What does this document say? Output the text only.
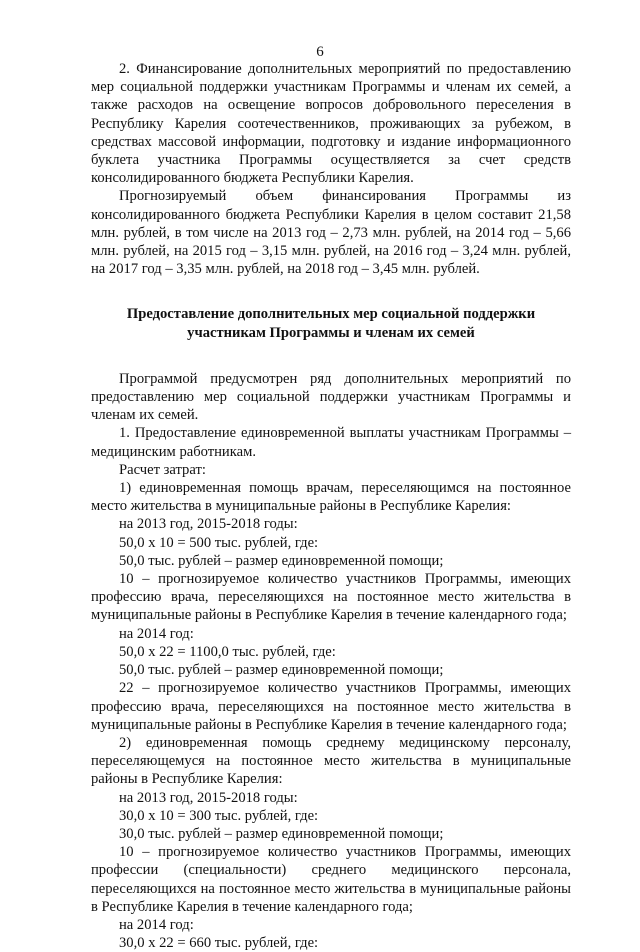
6

2. Финансирование дополнительных мероприятий по предоставлению мер социальной поддержки участникам Программы и членам их семей, а также расходов на освещение вопросов добровольного переселения в Республику Карелия соотечественников, проживающих за рубежом, в средствах массовой информации, подготовку и издание информационного буклета участника Программы осуществляется за счет средств консолидированного бюджета Республики Карелия.

Прогнозируемый объем финансирования Программы из консолидированного бюджета Республики Карелия в целом составит 21,58 млн. рублей, в том числе на 2013 год – 2,73 млн. рублей, на 2014 год – 5,66 млн. рублей, на 2015 год – 3,15 млн. рублей, на 2016 год – 3,24 млн. рублей, на 2017 год – 3,35 млн. рублей, на 2018 год – 3,45 млн. рублей.

Предоставление дополнительных мер социальной поддержки
участникам Программы и членам их семей

Программой предусмотрен ряд дополнительных мероприятий по предоставлению мер социальной поддержки участникам Программы и членам их семей.

1. Предоставление единовременной выплаты участникам Программы – медицинским работникам.

Расчет затрат:

1) единовременная помощь врачам, переселяющимся на постоянное место жительства в муниципальные районы в Республике Карелия:

на 2013 год, 2015-2018 годы:

50,0 х 10 = 500 тыс. рублей, где:

50,0 тыс. рублей – размер единовременной помощи;

10 – прогнозируемое количество участников Программы, имеющих профессию врача, переселяющихся на постоянное место жительства в муниципальные районы в Республике Карелия в течение календарного года;

на 2014 год:

50,0 х 22 = 1100,0 тыс. рублей, где:

50,0 тыс. рублей – размер единовременной помощи;

22 – прогнозируемое количество участников Программы, имеющих профессию врача, переселяющихся на постоянное место жительства в муниципальные районы в Республике Карелия в течение календарного года;

2) единовременная помощь среднему медицинскому персоналу, переселяющемуся на постоянное место жительства в муниципальные районы в Республике Карелия:

на 2013 год, 2015-2018 годы:

30,0 х 10 = 300 тыс. рублей, где:

30,0 тыс. рублей – размер единовременной помощи;

10 – прогнозируемое количество участников Программы, имеющих профессии (специальности) среднего медицинского персонала, переселяющихся на постоянное место жительства в муниципальные районы в Республике Карелия в течение календарного года;

на 2014 год:

30,0 х 22 = 660 тыс. рублей, где:
